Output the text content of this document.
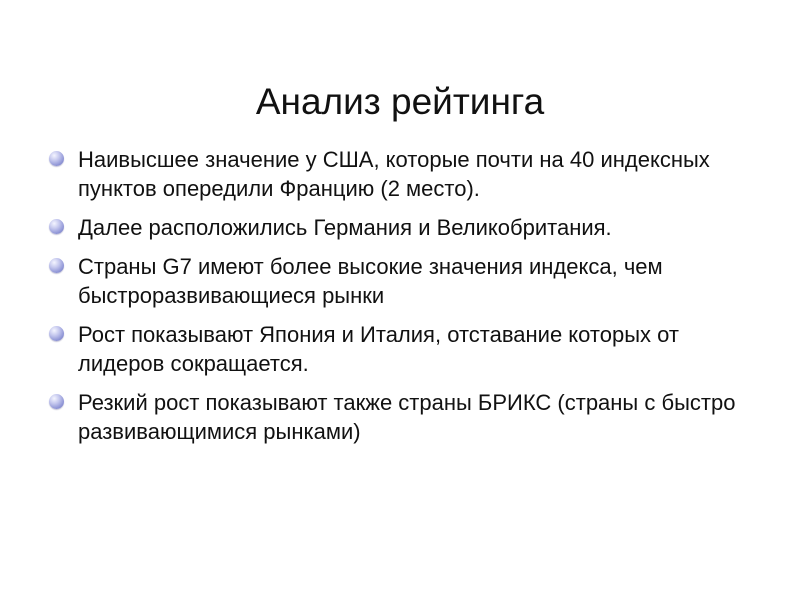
Анализ рейтинга
Наивысшее значение у США, которые почти на 40 индексных пунктов опередили Францию (2 место).
Далее расположились Германия и Великобритания.
Страны G7 имеют более высокие значения индекса, чем быстроразвивающиеся рынки
Рост показывают Япония и Италия, отставание которых от лидеров сокращается.
Резкий рост показывают также страны БРИКС (страны с быстро развивающимися рынками)
